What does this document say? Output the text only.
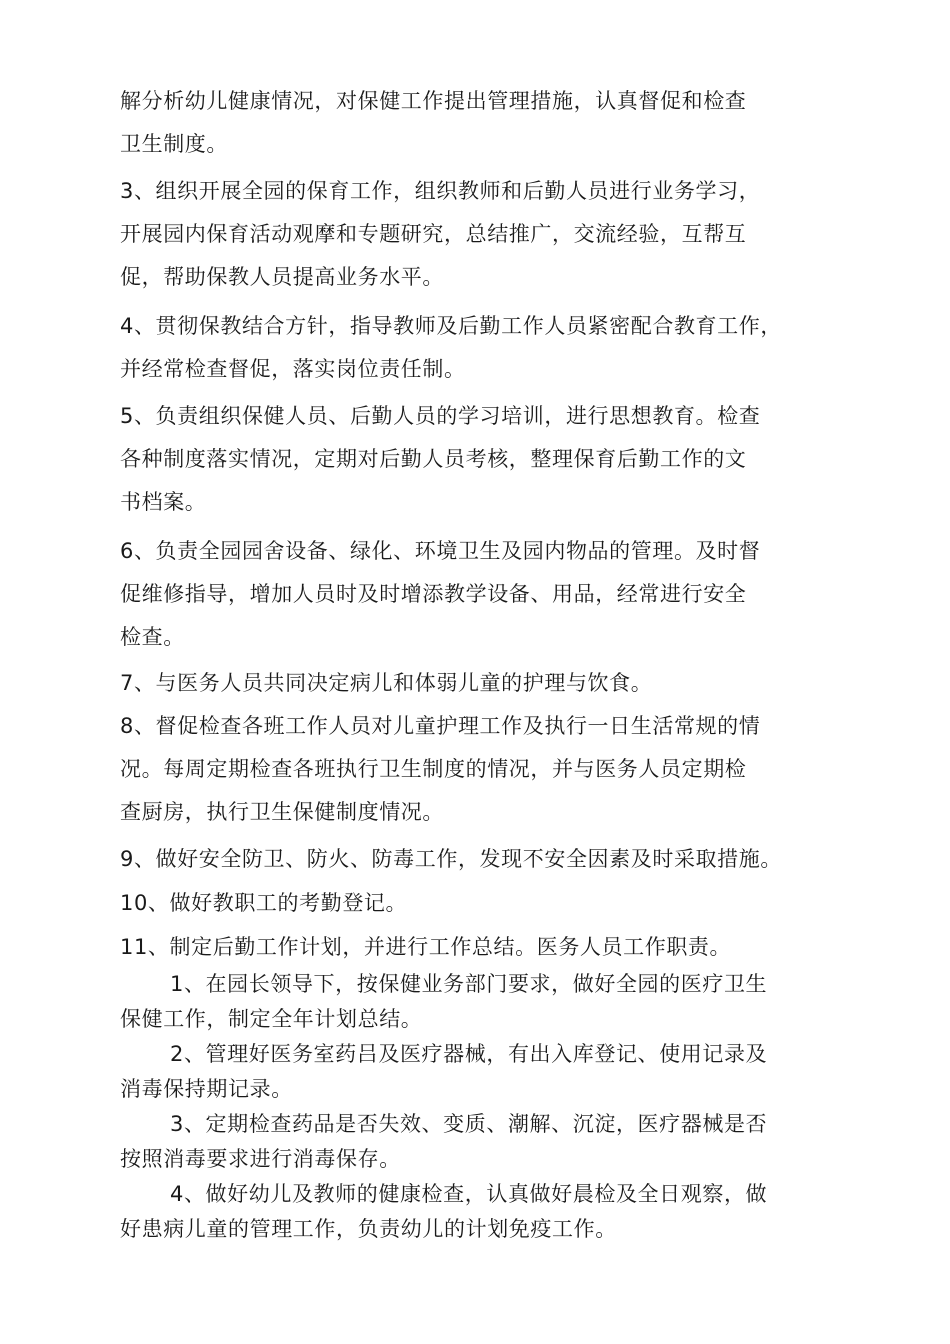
解分析幼儿健康情况，对保健工作提出管理措施，认真督促和检查
卫生制度。
3、组织开展全园的保育工作，组织教师和后勤人员进行业务学习，
开展园内保育活动观摩和专题研究，总结推广，交流经验，互帮互
促，帮助保教人员提高业务水平。
4、贯彻保教结合方针，指导教师及后勤工作人员紧密配合教育工作，
并经常检查督促，落实岗位责任制。
5、负责组织保健人员、后勤人员的学习培训，进行思想教育。检查
各种制度落实情况，定期对后勤人员考核，整理保育后勤工作的文
书档案。
6、负责全园园舍设备、绿化、环境卫生及园内物品的管理。及时督
促维修指导，增加人员时及时增添教学设备、用品，经常进行安全
检查。
7、与医务人员共同决定病儿和体弱儿童的护理与饮食。
8、督促检查各班工作人员对儿童护理工作及执行一日生活常规的情
况。每周定期检查各班执行卫生制度的情况，并与医务人员定期检
查厨房，执行卫生保健制度情况。
9、做好安全防卫、防火、防毒工作，发现不安全因素及时采取措施。
10、做好教职工的考勤登记。
11、制定后勤工作计划，并进行工作总结。医务人员工作职责。
1、在园长领导下，按保健业务部门要求，做好全园的医疗卫生
保健工作，制定全年计划总结。
2、管理好医务室药吕及医疗器械，有出入库登记、使用记录及
消毒保持期记录。
3、定期检查药品是否失效、变质、潮解、沉淀，医疗器械是否
按照消毒要求进行消毒保存。
4、做好幼儿及教师的健康检查，认真做好晨检及全日观察，做
好患病儿童的管理工作，负责幼儿的计划免疫工作。
